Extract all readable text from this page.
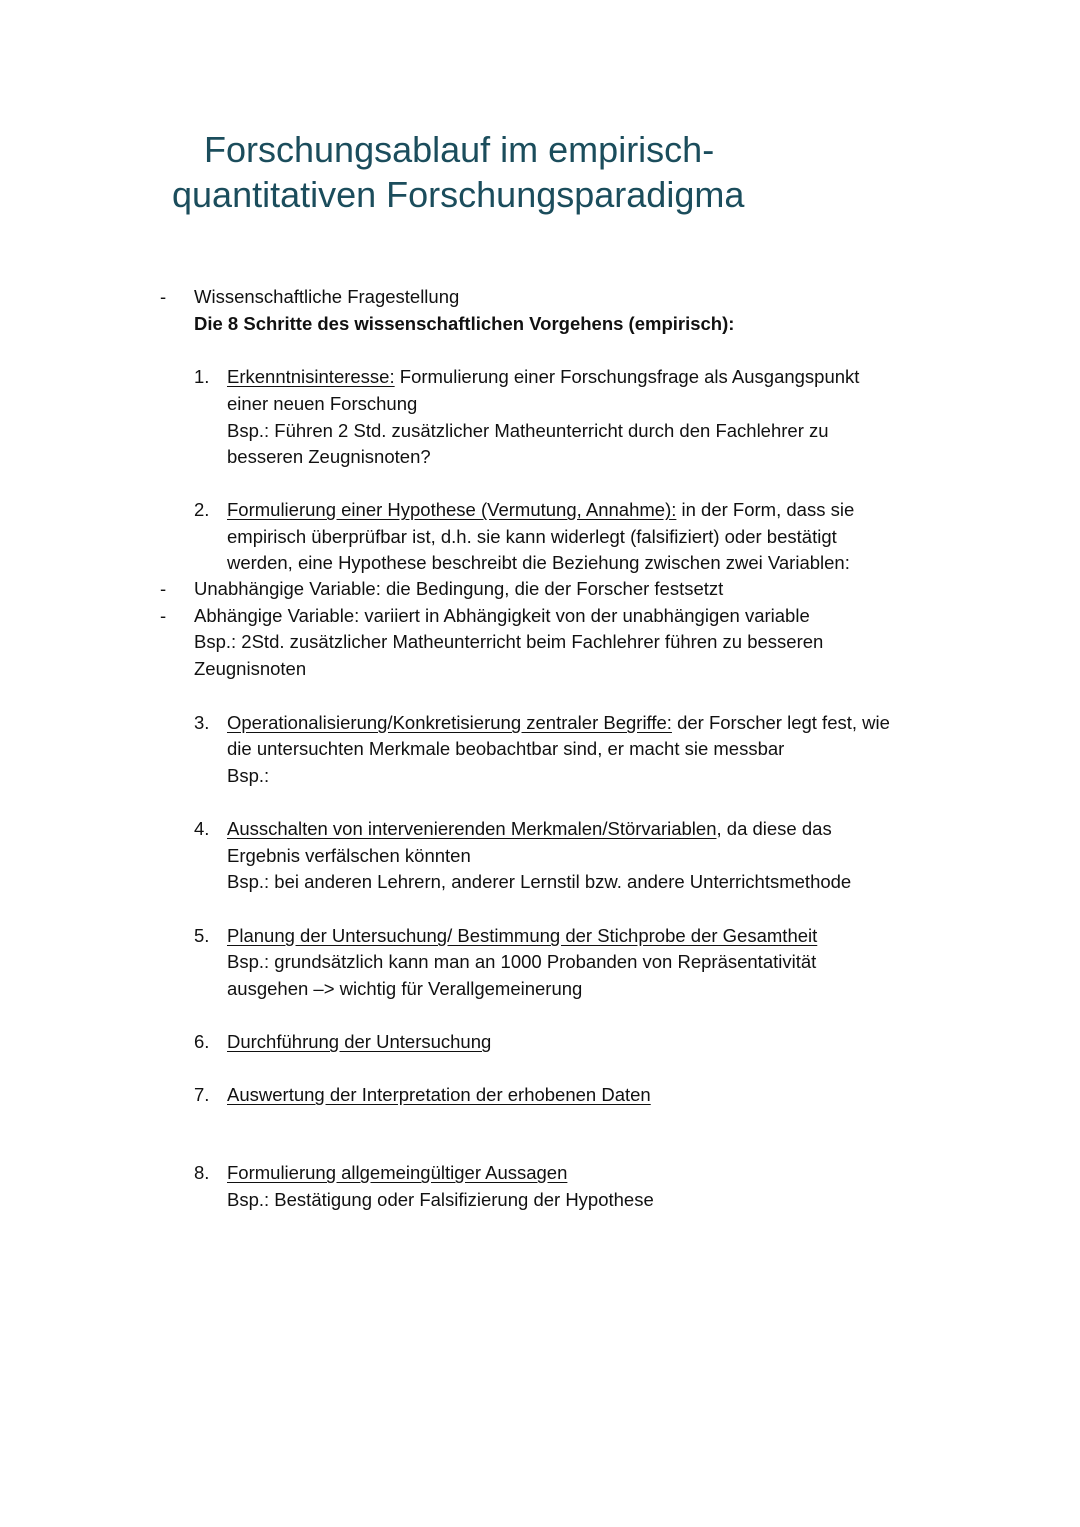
Forschungsablauf im empirisch-
quantitativen Forschungsparadigma
- Wissenschaftliche Fragestellung
Die 8 Schritte des wissenschaftlichen Vorgehens (empirisch):
1. Erkenntnisinteresse: Formulierung einer Forschungsfrage als Ausgangspunkt
einer neuen Forschung
Bsp.: Führen 2 Std. zusätzlicher Matheunterricht durch den Fachlehrer zu
besseren Zeugnisnoten?
2. Formulierung einer Hypothese (Vermutung, Annahme): in der Form, dass sie
empirisch überprüfbar ist, d.h. sie kann widerlegt (falsifiziert) oder bestätigt
werden, eine Hypothese beschreibt die Beziehung zwischen zwei Variablen:
- Unabhängige Variable: die Bedingung, die der Forscher festsetzt
- Abhängige Variable: variiert in Abhängigkeit von der unabhängigen variable
Bsp.: 2Std. zusätzlicher Matheunterricht beim Fachlehrer führen zu besseren
Zeugnisnoten
3. Operationalisierung/Konkretisierung zentraler Begriffe: der Forscher legt fest, wie
die untersuchten Merkmale beobachtbar sind, er macht sie messbar
Bsp.:
4. Ausschalten von intervenierenden Merkmalen/Störvariablen, da diese das
Ergebnis verfälschen könnten
Bsp.: bei anderen Lehrern, anderer Lernstil bzw. andere Unterrichtsmethode
5. Planung der Untersuchung/ Bestimmung der Stichprobe der Gesamtheit
Bsp.: grundsätzlich kann man an 1000 Probanden von Repräsentativität
ausgehen –> wichtig für Verallgemeinerung
6. Durchführung der Untersuchung
7. Auswertung der Interpretation der erhobenen Daten
8. Formulierung allgemeingültiger Aussagen
Bsp.: Bestätigung oder Falsifizierung der Hypothese
